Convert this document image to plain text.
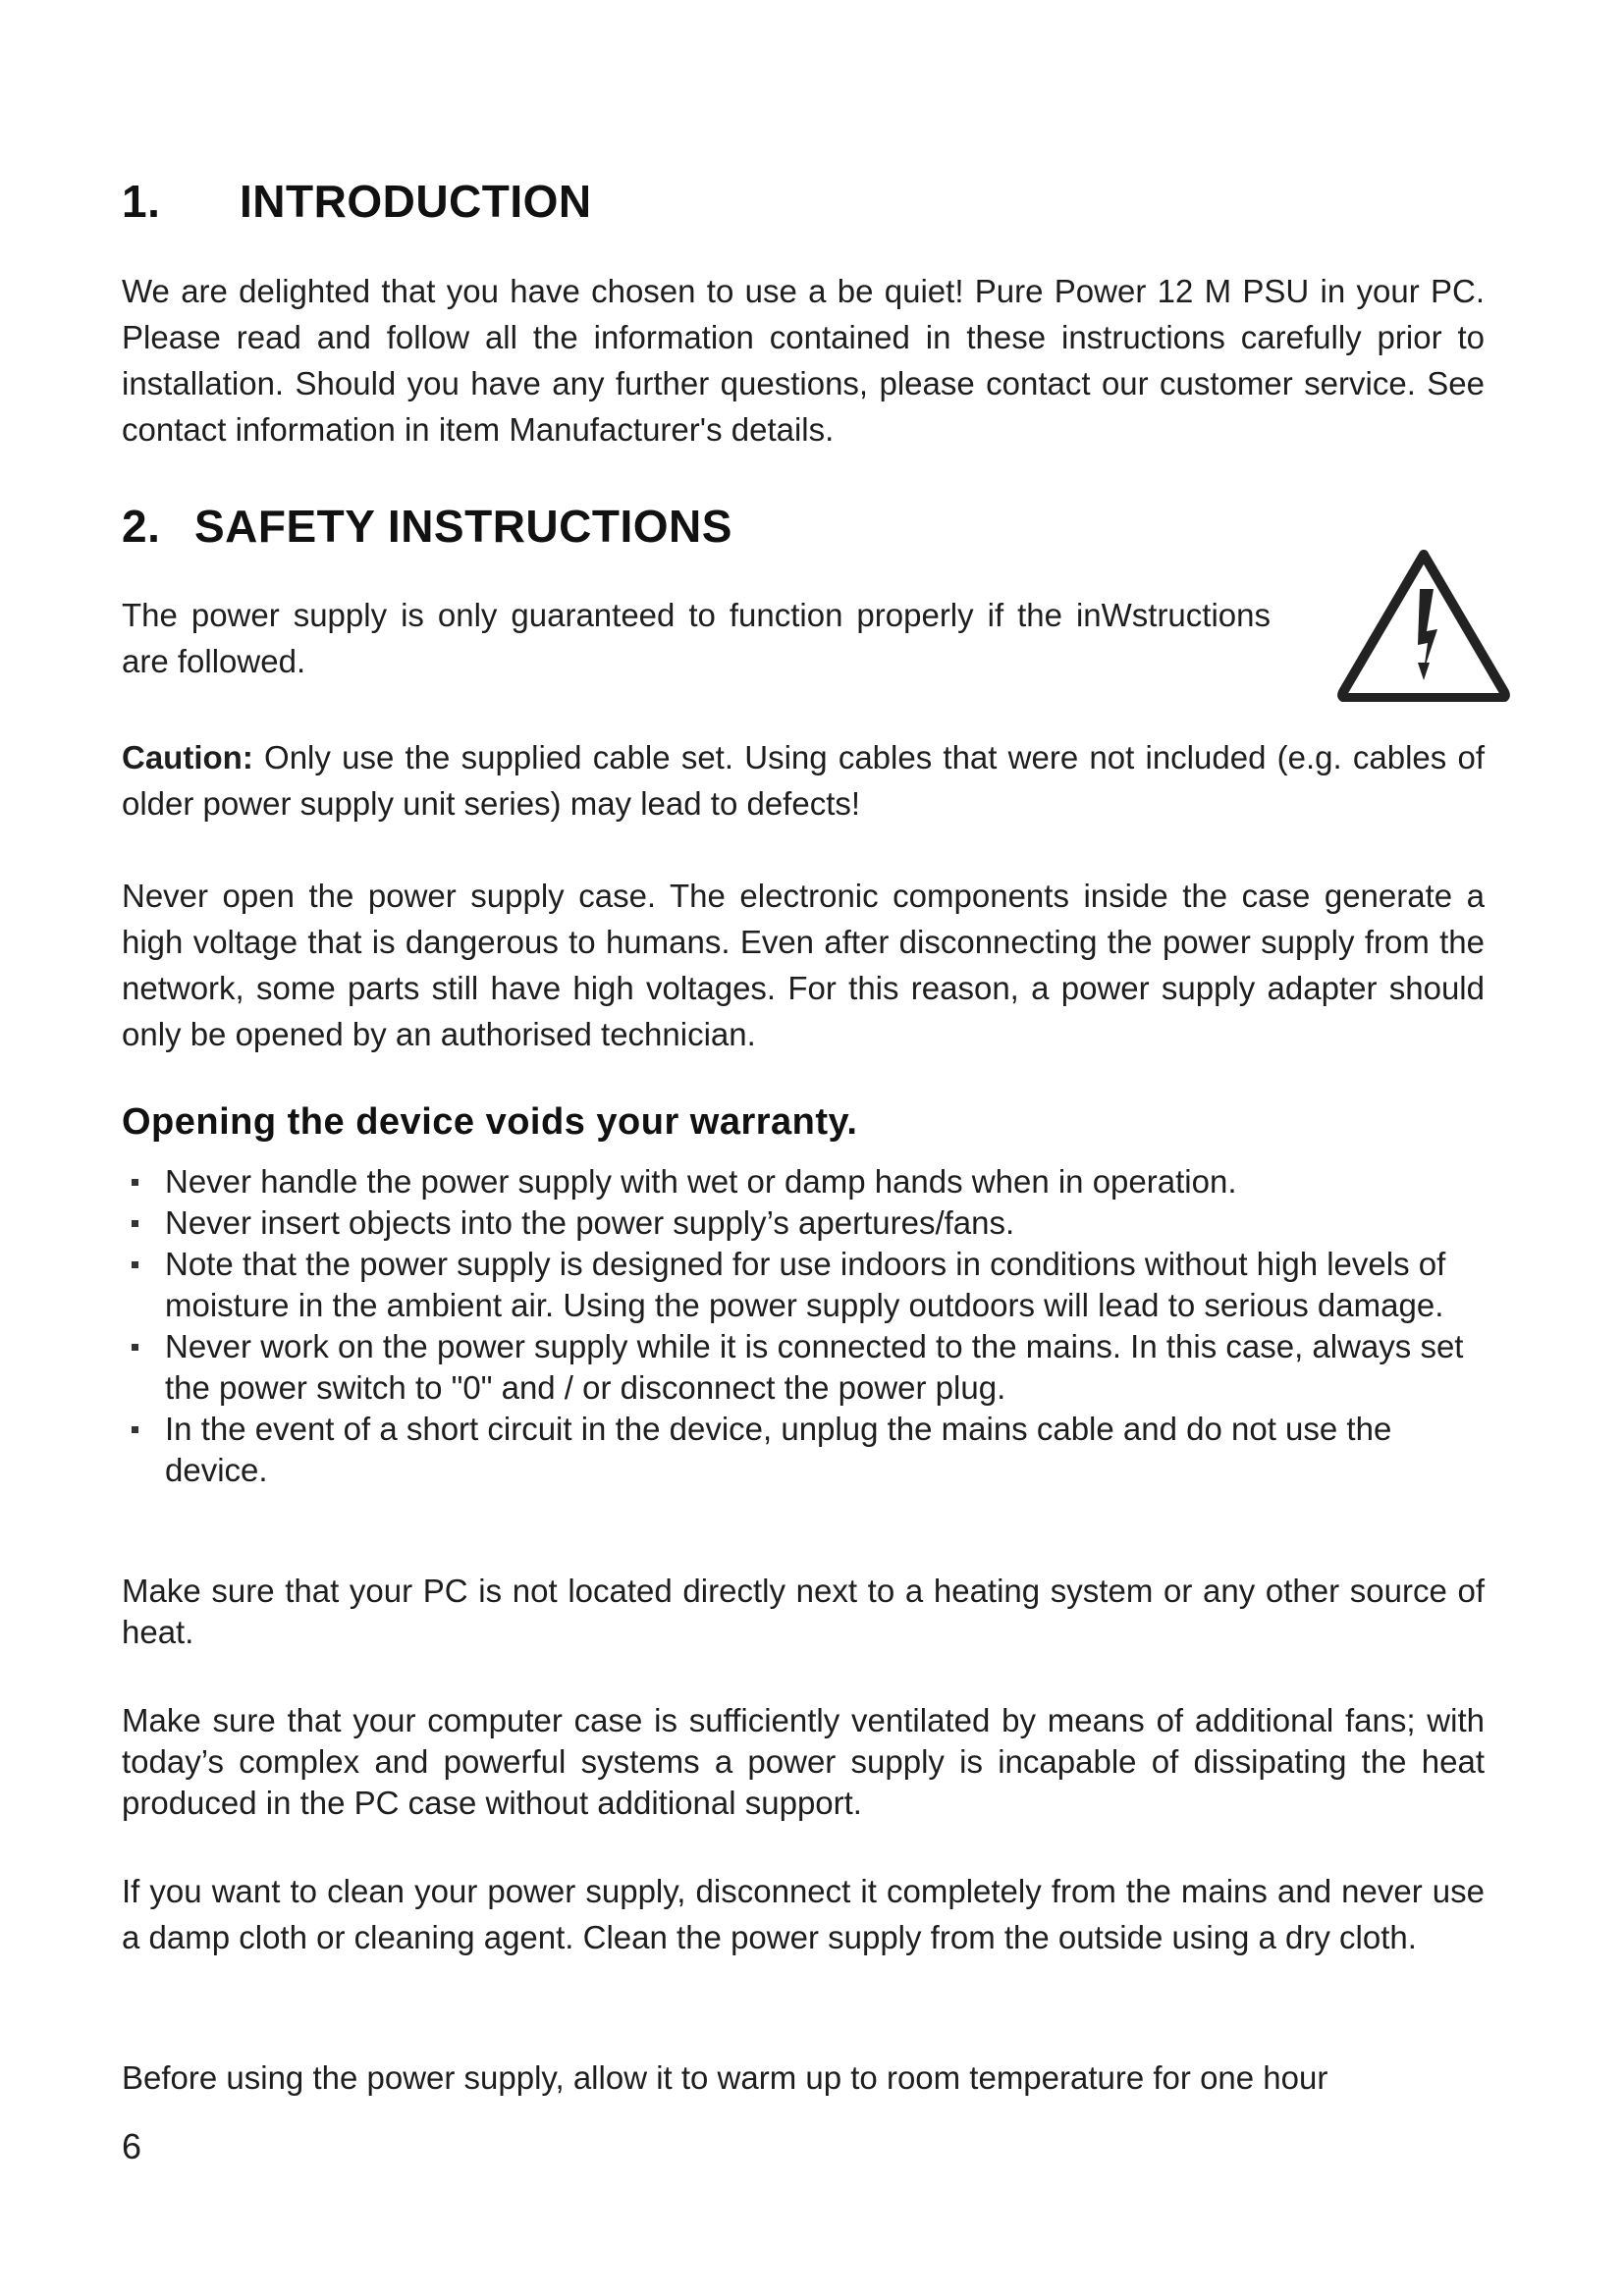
1. INTRODUCTION

We are delighted that you have chosen to use a be quiet! Pure Power 12 M PSU in your PC. Please read and follow all the information contained in these instructions carefully prior to installation. Should you have any further questions, please contact our customer service. See contact information in item Manufacturer's details.

2. SAFETY INSTRUCTIONS

The power supply is only guaranteed to function properly if the inWstructions are followed.

Caution: Only use the supplied cable set. Using cables that were not included (e.g. cables of older power supply unit series) may lead to defects!

Never open the power supply case. The electronic components inside the case generate a high voltage that is dangerous to humans. Even after disconnecting the power supply from the network, some parts still have high voltages. For this reason, a power supply adapter should only be opened by an authorised technician.

Opening the device voids your warranty.
Never handle the power supply with wet or damp hands when in operation.
Never insert objects into the power supply’s apertures/fans.
Note that the power supply is designed for use indoors in conditions without high levels of moisture in the ambient air. Using the power supply outdoors will lead to serious damage.
Never work on the power supply while it is connected to the mains. In this case, always set the power switch to "0" and / or disconnect the power plug.
In the event of a short circuit in the device, unplug the mains cable and do not use the device.

Make sure that your PC is not located directly next to a heating system or any other source of heat.

Make sure that your computer case is sufficiently ventilated by means of additional fans; with today’s complex and powerful systems a power supply is incapable of dissipating the heat produced in the PC case without additional support.

If you want to clean your power supply, disconnect it completely from the mains and never use a damp cloth or cleaning agent. Clean the power supply from the outside using a dry cloth.

Before using the power supply, allow it to warm up to room temperature for one hour

6
